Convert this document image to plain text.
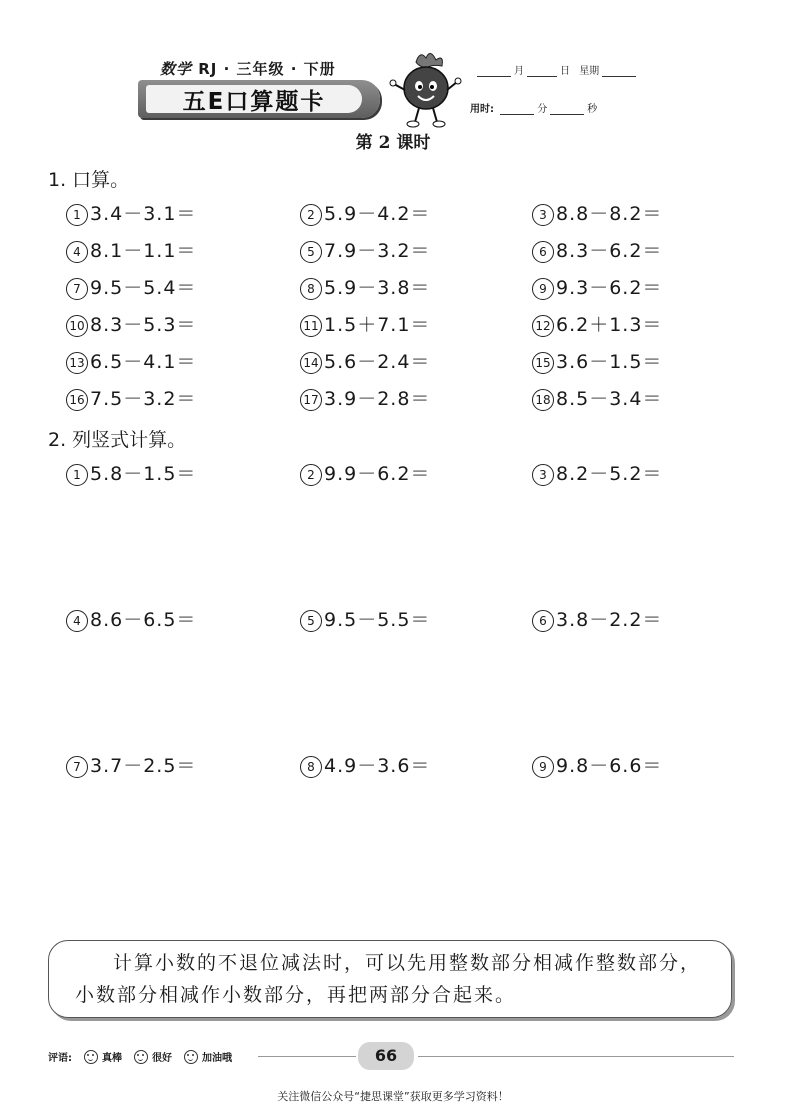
数学 RJ · 三年级 · 下册
五E口算题卡
月	日 星期
用时:	分	秒
第 2 课时
1. 口算。
1 3.4－3.1＝	2 5.9－4.2＝	3 8.8－8.2＝
4 8.1－1.1＝	5 7.9－3.2＝	6 8.3－6.2＝
7 9.5－5.4＝	8 5.9－3.8＝	9 9.3－6.2＝
10 8.3－5.3＝	11 1.5＋7.1＝	12 6.2＋1.3＝
13 6.5－4.1＝	14 5.6－2.4＝	15 3.6－1.5＝
16 7.5－3.2＝	17 3.9－2.8＝	18 8.5－3.4＝
2. 列竖式计算。
1 5.8－1.5＝	2 9.9－6.2＝	3 8.2－5.2＝
4 8.6－6.5＝	5 9.5－5.5＝	6 3.8－2.2＝
7 3.7－2.5＝	8 4.9－3.6＝	9 9.8－6.6＝
计算小数的不退位减法时，可以先用整数部分相减作整数部分，小数部分相减作小数部分，再把两部分合起来。
评语:	真棒	很好	加油哦	66
关注微信公众号“捷思课堂”获取更多学习资料！
